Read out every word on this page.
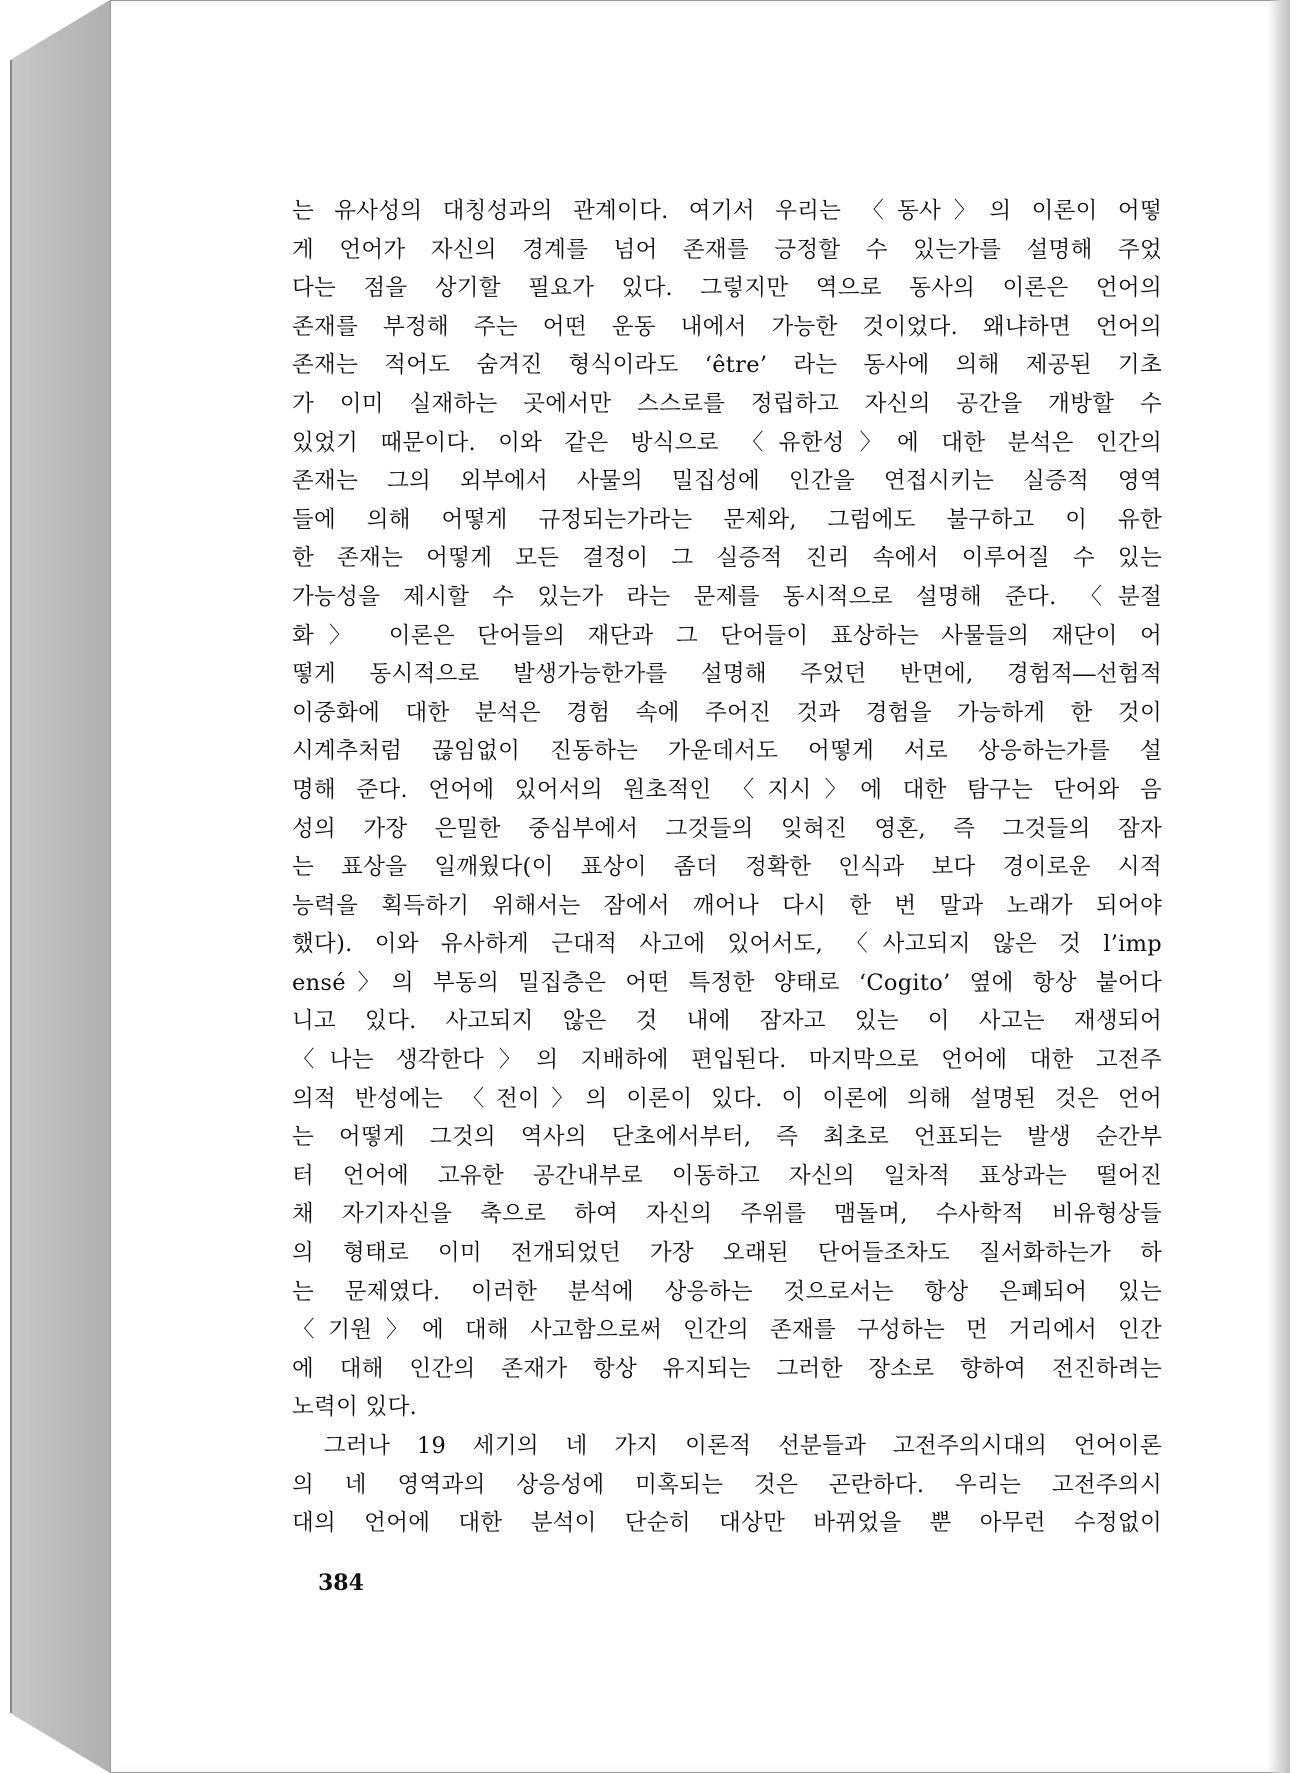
는 유사성의 대칭성과의 관계이다. 여기서 우리는 〈동사〉의 이론이 어떻
게 언어가 자신의 경계를 넘어 존재를 긍정할 수 있는가를 설명해 주었
다는 점을 상기할 필요가 있다. 그렇지만 역으로 동사의 이론은 언어의
존재를 부정해 주는 어떤 운동 내에서 가능한 것이었다. 왜냐하면 언어의
존재는 적어도 숨겨진 형식이라도 ‘être’ 라는 동사에 의해 제공된 기초
가 이미 실재하는 곳에서만 스스로를 정립하고 자신의 공간을 개방할 수
있었기 때문이다. 이와 같은 방식으로 〈유한성〉에 대한 분석은 인간의
존재는 그의 외부에서 사물의 밀집성에 인간을 연접시키는 실증적 영역
들에 의해 어떻게 규정되는가라는 문제와, 그럼에도 불구하고 이 유한
한 존재는 어떻게 모든 결정이 그 실증적 진리 속에서 이루어질 수 있는
가능성을 제시할 수 있는가 라는 문제를 동시적으로 설명해 준다. 〈분절
화〉 이론은 단어들의 재단과 그 단어들이 표상하는 사물들의 재단이 어
떻게 동시적으로 발생가능한가를 설명해 주었던 반면에, 경험적―선험적
이중화에 대한 분석은 경험 속에 주어진 것과 경험을 가능하게 한 것이
시계추처럼 끊임없이 진동하는 가운데서도 어떻게 서로 상응하는가를 설
명해 준다. 언어에 있어서의 원초적인 〈지시〉에 대한 탐구는 단어와 음
성의 가장 은밀한 중심부에서 그것들의 잊혀진 영혼, 즉 그것들의 잠자
는 표상을 일깨웠다(이 표상이 좀더 정확한 인식과 보다 경이로운 시적
능력을 획득하기 위해서는 잠에서 깨어나 다시 한 번 말과 노래가 되어야
했다). 이와 유사하게 근대적 사고에 있어서도, 〈사고되지 않은 것 l’imp
ensé〉의 부동의 밀집층은 어떤 특정한 양태로 ‘Cogito’ 옆에 항상 붙어다
니고 있다. 사고되지 않은 것 내에 잠자고 있는 이 사고는 재생되어
〈나는 생각한다〉의 지배하에 편입된다. 마지막으로 언어에 대한 고전주
의적 반성에는 〈전이〉의 이론이 있다. 이 이론에 의해 설명된 것은 언어
는 어떻게 그것의 역사의 단초에서부터, 즉 최초로 언표되는 발생 순간부
터 언어에 고유한 공간내부로 이동하고 자신의 일차적 표상과는 떨어진
채 자기자신을 축으로 하여 자신의 주위를 맴돌며, 수사학적 비유형상들
의 형태로 이미 전개되었던 가장 오래된 단어들조차도 질서화하는가 하
는 문제였다. 이러한 분석에 상응하는 것으로서는 항상 은폐되어 있는
〈기원〉에 대해 사고함으로써 인간의 존재를 구성하는 먼 거리에서 인간
에 대해 인간의 존재가 항상 유지되는 그러한 장소로 향하여 전진하려는
노력이 있다.
그러나 19 세기의 네 가지 이론적 선분들과 고전주의시대의 언어이론
의 네 영역과의 상응성에 미혹되는 것은 곤란하다. 우리는 고전주의시
대의 언어에 대한 분석이 단순히 대상만 바뀌었을 뿐 아무런 수정없이
384
